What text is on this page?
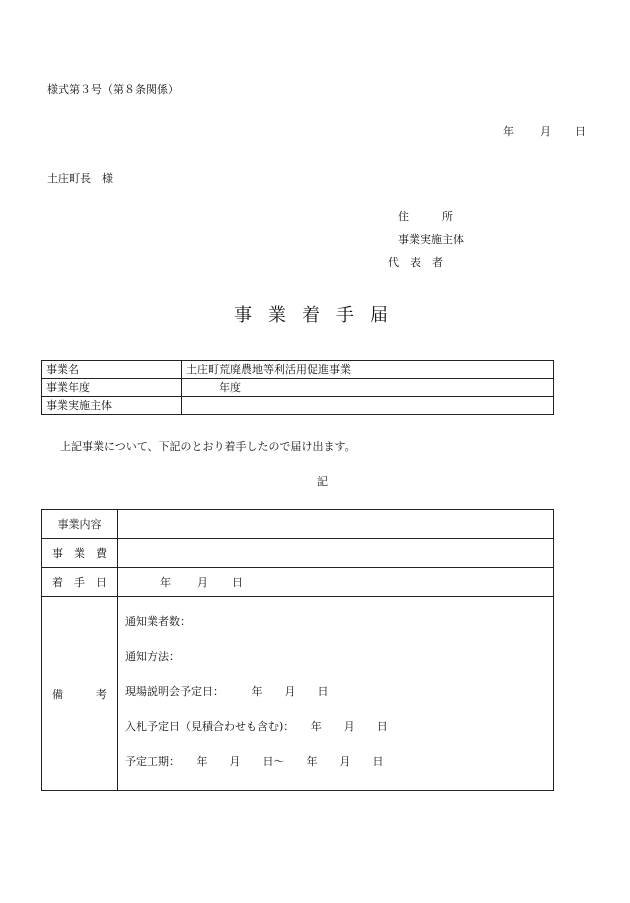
様式第３号（第８条関係）
年 月 日
土庄町長　様
住　　　所
事業実施主体
代　表　者
事業着手届
事業名	土庄町荒廃農地等利活用促進事業
事業年度	　　　年度
事業実施主体	
上記事業について、下記のとおり着手したので届け出ます。
記
事業内容	
事　業　費	
着　手　日	年 月 日

備　　　考	通知業者数：
通知方法：
現場説明会予定日：　　　年　　月　　日
入札予定日（見積合わせも含む)：　　年　　月　　日
予定工期：　　年　　月　　日～　　年　　月　　日
